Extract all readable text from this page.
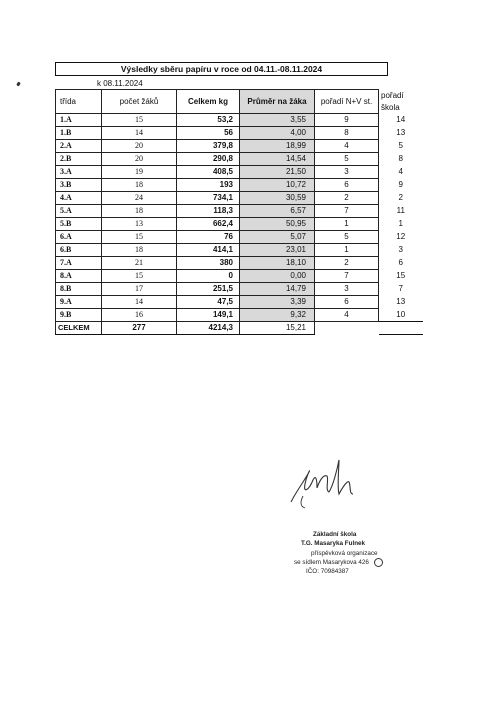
Výsledky sběru papíru v roce od 04.11.-08.11.2024
k 08.11.2024
třída	počet žáků	Celkem kg	Průměr na žáka	pořadí N+V st.	pořadí škola
1.A	15	53,2	3,55	9	14
1.B	14	56	4,00	8	13
2.A	20	379,8	18,99	4	5
2.B	20	290,8	14,54	5	8
3.A	19	408,5	21,50	3	4
3.B	18	193	10,72	6	9
4.A	24	734,1	30,59	2	2
5.A	18	118,3	6,57	7	11
5.B	13	662,4	50,95	1	1
6.A	15	76	5,07	5	12
6.B	18	414,1	23,01	1	3
7.A	21	380	18,10	2	6
8.A	15	0	0,00	7	15
8.B	17	251,5	14,79	3	7
9.A	14	47,5	3,39	6	13
9.B	16	149,1	9,32	4	10
CELKEM	277	4214,3	15,21		
Základní škola
T.G. Masaryka Fulnek
příspěvková organizace
se sídlem Masarykova 426
IČO: 70984387
